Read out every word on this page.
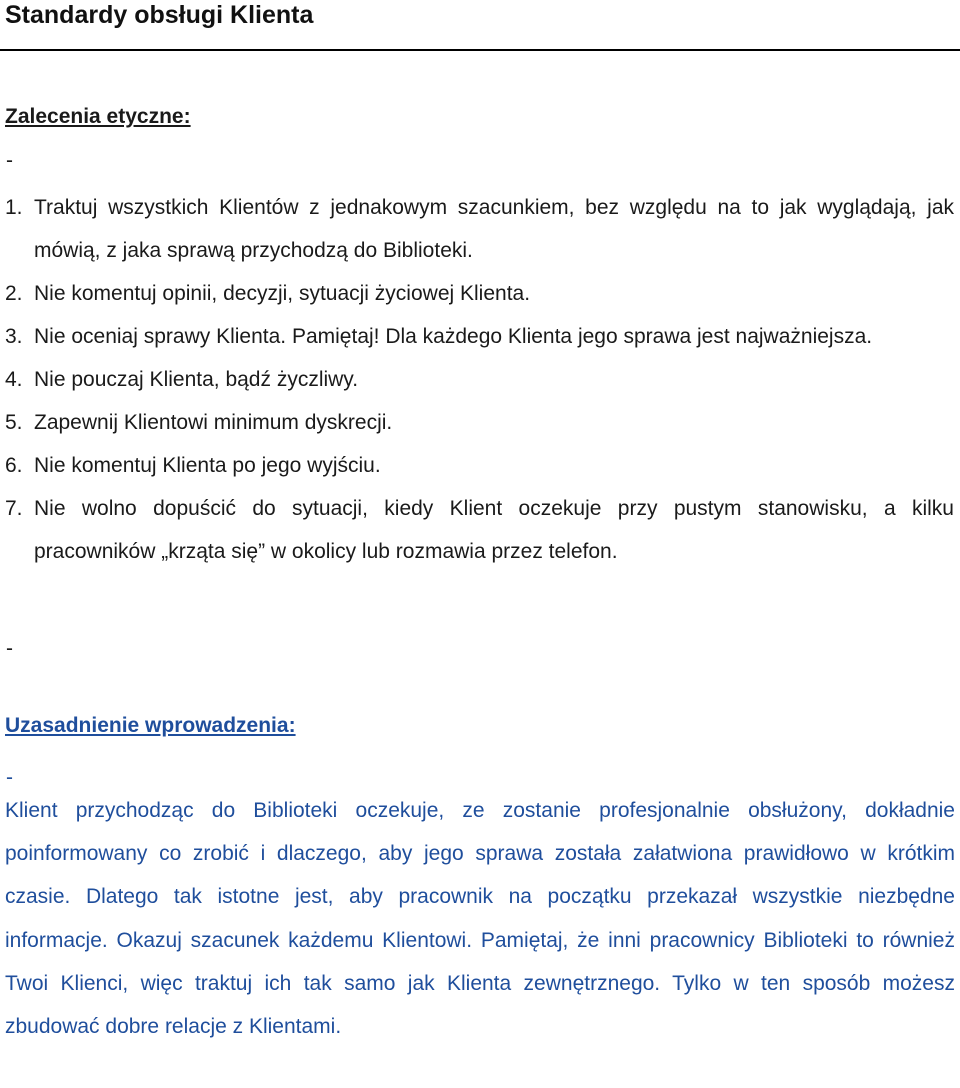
Standardy obsługi Klienta
Zalecenia etyczne:
-
1. Traktuj wszystkich Klientów z jednakowym szacunkiem, bez względu na to jak wyglądają, jak mówią, z jaka sprawą przychodzą do Biblioteki.
2. Nie komentuj opinii, decyzji, sytuacji życiowej Klienta.
3. Nie oceniaj sprawy Klienta. Pamiętaj! Dla każdego Klienta jego sprawa jest najważniejsza.
4. Nie pouczaj Klienta, bądź życzliwy.
5. Zapewnij Klientowi minimum dyskrecji.
6. Nie komentuj Klienta po jego wyjściu.
7. Nie wolno dopuścić do sytuacji, kiedy Klient oczekuje przy pustym stanowisku, a kilku pracowników „krząta się” w okolicy lub rozmawia przez telefon.
-
Uzasadnienie wprowadzenia:
-

Klient przychodząc do Biblioteki oczekuje, ze zostanie profesjonalnie obsłużony, dokładnie poinformowany co zrobić i dlaczego, aby jego sprawa została załatwiona prawidłowo w krótkim czasie. Dlatego tak istotne jest, aby pracownik na początku przekazał wszystkie niezbędne informacje. Okazuj szacunek każdemu Klientowi. Pamiętaj, że inni pracownicy Biblioteki to również Twoi Klienci, więc traktuj ich tak samo jak Klienta zewnętrznego. Tylko w ten sposób możesz zbudować dobre relacje z Klientami.
